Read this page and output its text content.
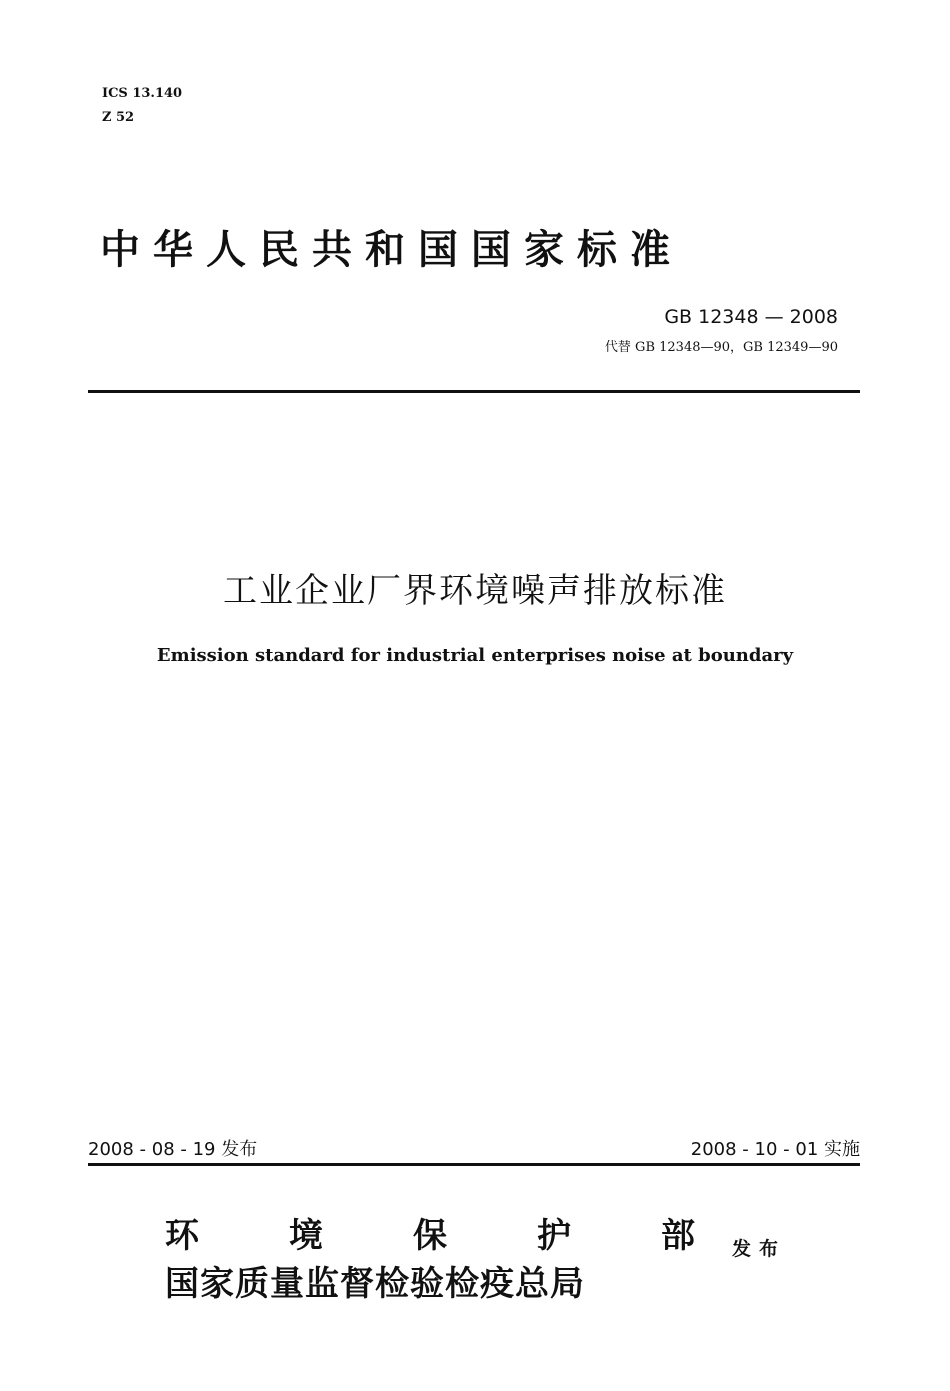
ICS 13.140
Z 52
中华人民共和国国家标准
GB 12348 — 2008
代替 GB 12348—90，GB 12349—90
工业企业厂界环境噪声排放标准
Emission standard for industrial enterprises noise at boundary
2008 - 08 - 19 发布	2008 - 10 - 01 实施
环	境	保	护	部
国家质量监督检验检疫总局
发布
